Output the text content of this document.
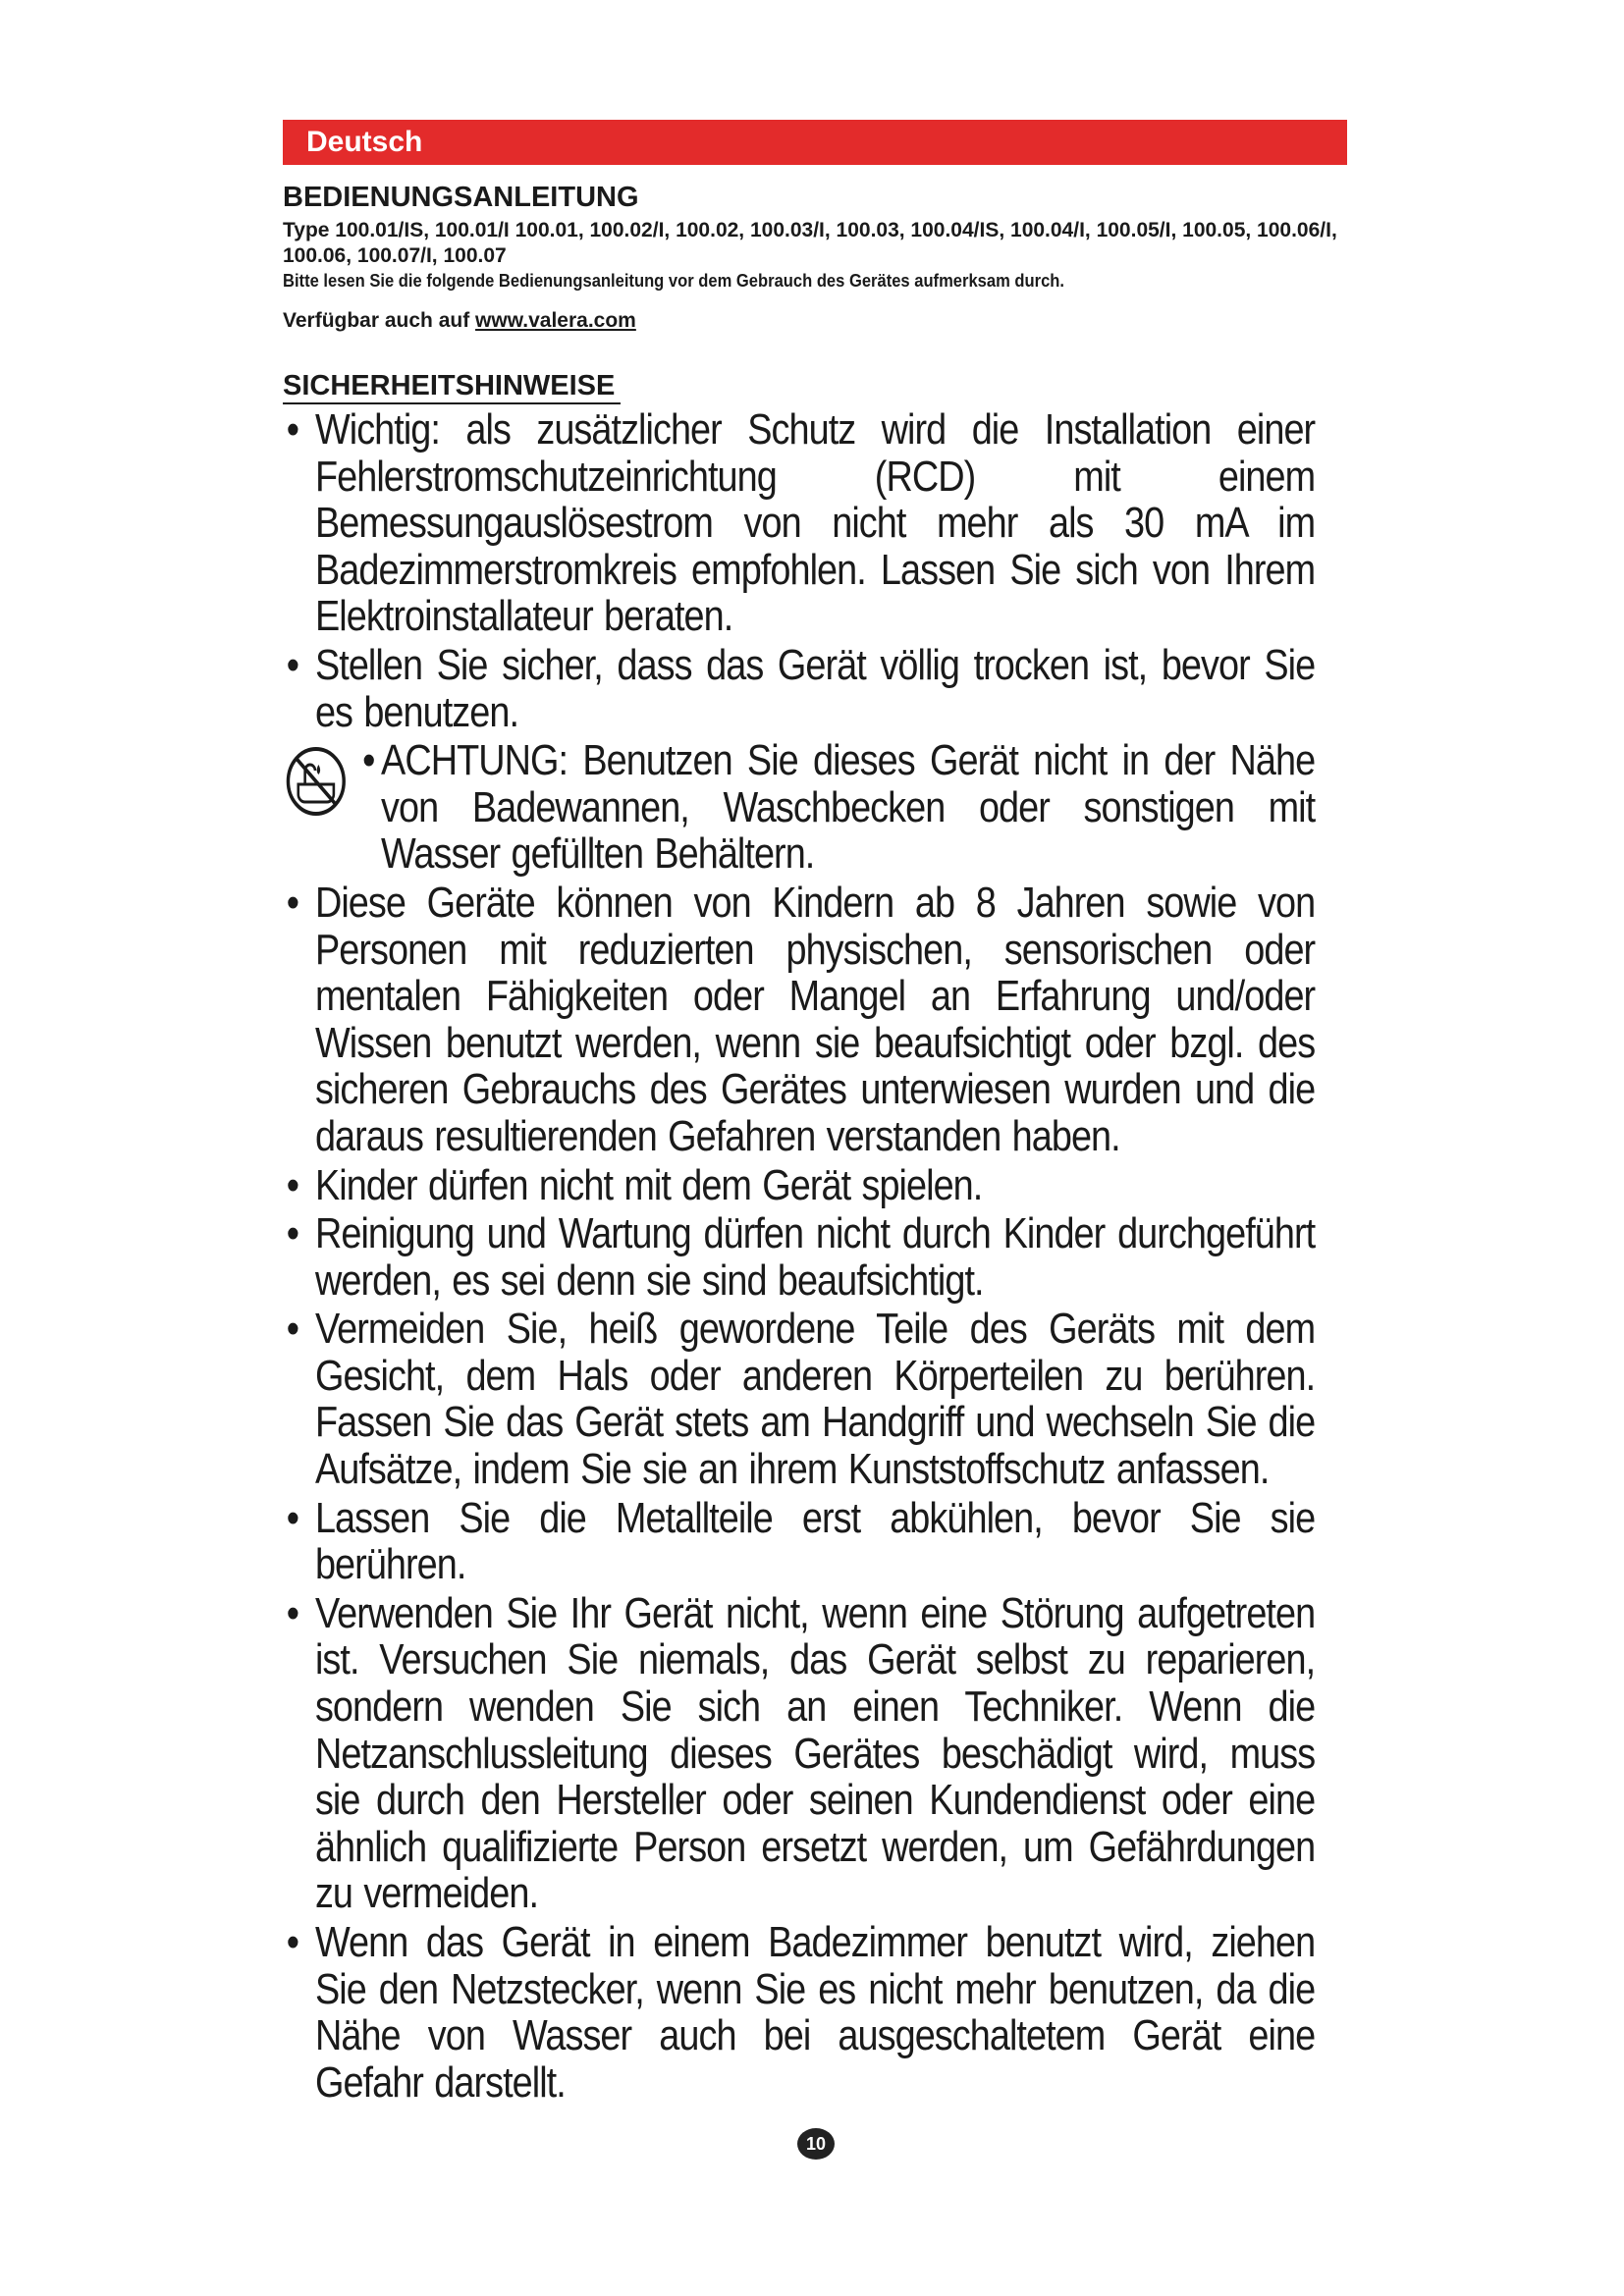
Deutsch
BEDIENUNGSANLEITUNG
Type 100.01/IS, 100.01/I 100.01, 100.02/I, 100.02, 100.03/I, 100.03, 100.04/IS, 100.04/I, 100.05/I, 100.05, 100.06/I, 100.06, 100.07/I, 100.07
Bitte lesen Sie die folgende Bedienungsanleitung vor dem Gebrauch des Gerätes aufmerksam durch.
Verfügbar auch auf www.valera.com
SICHERHEITSHINWEISE
• Wichtig: als zusätzlicher Schutz wird die Installation einer Fehlerstromschutzeinrichtung (RCD) mit einem Bemessungauslösestrom von nicht mehr als 30 mA im Badezimmerstromkreis empfohlen. Lassen Sie sich von Ihrem Elektroinstallateur beraten.
• Stellen Sie sicher, dass das Gerät völlig trocken ist, bevor Sie es benutzen.
• ACHTUNG: Benutzen Sie dieses Gerät nicht in der Nähe von Badewannen, Waschbecken oder sonstigen mit Wasser gefüllten Behältern.
• Diese Geräte können von Kindern ab 8 Jahren sowie von Personen mit reduzierten physischen, sensorischen oder mentalen Fähigkeiten oder Mangel an Erfahrung und/oder Wissen benutzt werden, wenn sie beaufsichtigt oder bzgl. des sicheren Gebrauchs des Gerätes unterwiesen wurden und die daraus resultierenden Gefahren verstanden haben.
• Kinder dürfen nicht mit dem Gerät spielen.
• Reinigung und Wartung dürfen nicht durch Kinder durchgeführt werden, es sei denn sie sind beaufsichtigt.
• Vermeiden Sie, heiß gewordene Teile des Geräts mit dem Gesicht, dem Hals oder anderen Körperteilen zu berühren. Fassen Sie das Gerät stets am Handgriff und wechseln Sie die Aufsätze, indem Sie sie an ihrem Kunststoffschutz anfassen.
• Lassen Sie die Metallteile erst abkühlen, bevor Sie sie berühren.
• Verwenden Sie Ihr Gerät nicht, wenn eine Störung aufgetreten ist. Versuchen Sie niemals, das Gerät selbst zu reparieren, sondern wenden Sie sich an einen Techniker. Wenn die Netzanschlussleitung dieses Gerätes beschädigt wird, muss sie durch den Hersteller oder seinen Kundendienst oder eine ähnlich qualifizierte Person ersetzt werden, um Gefährdungen zu vermeiden.
• Wenn das Gerät in einem Badezimmer benutzt wird, ziehen Sie den Netzstecker, wenn Sie es nicht mehr benutzen, da die Nähe von Wasser auch bei ausgeschaltetem Gerät eine Gefahr darstellt.
10
